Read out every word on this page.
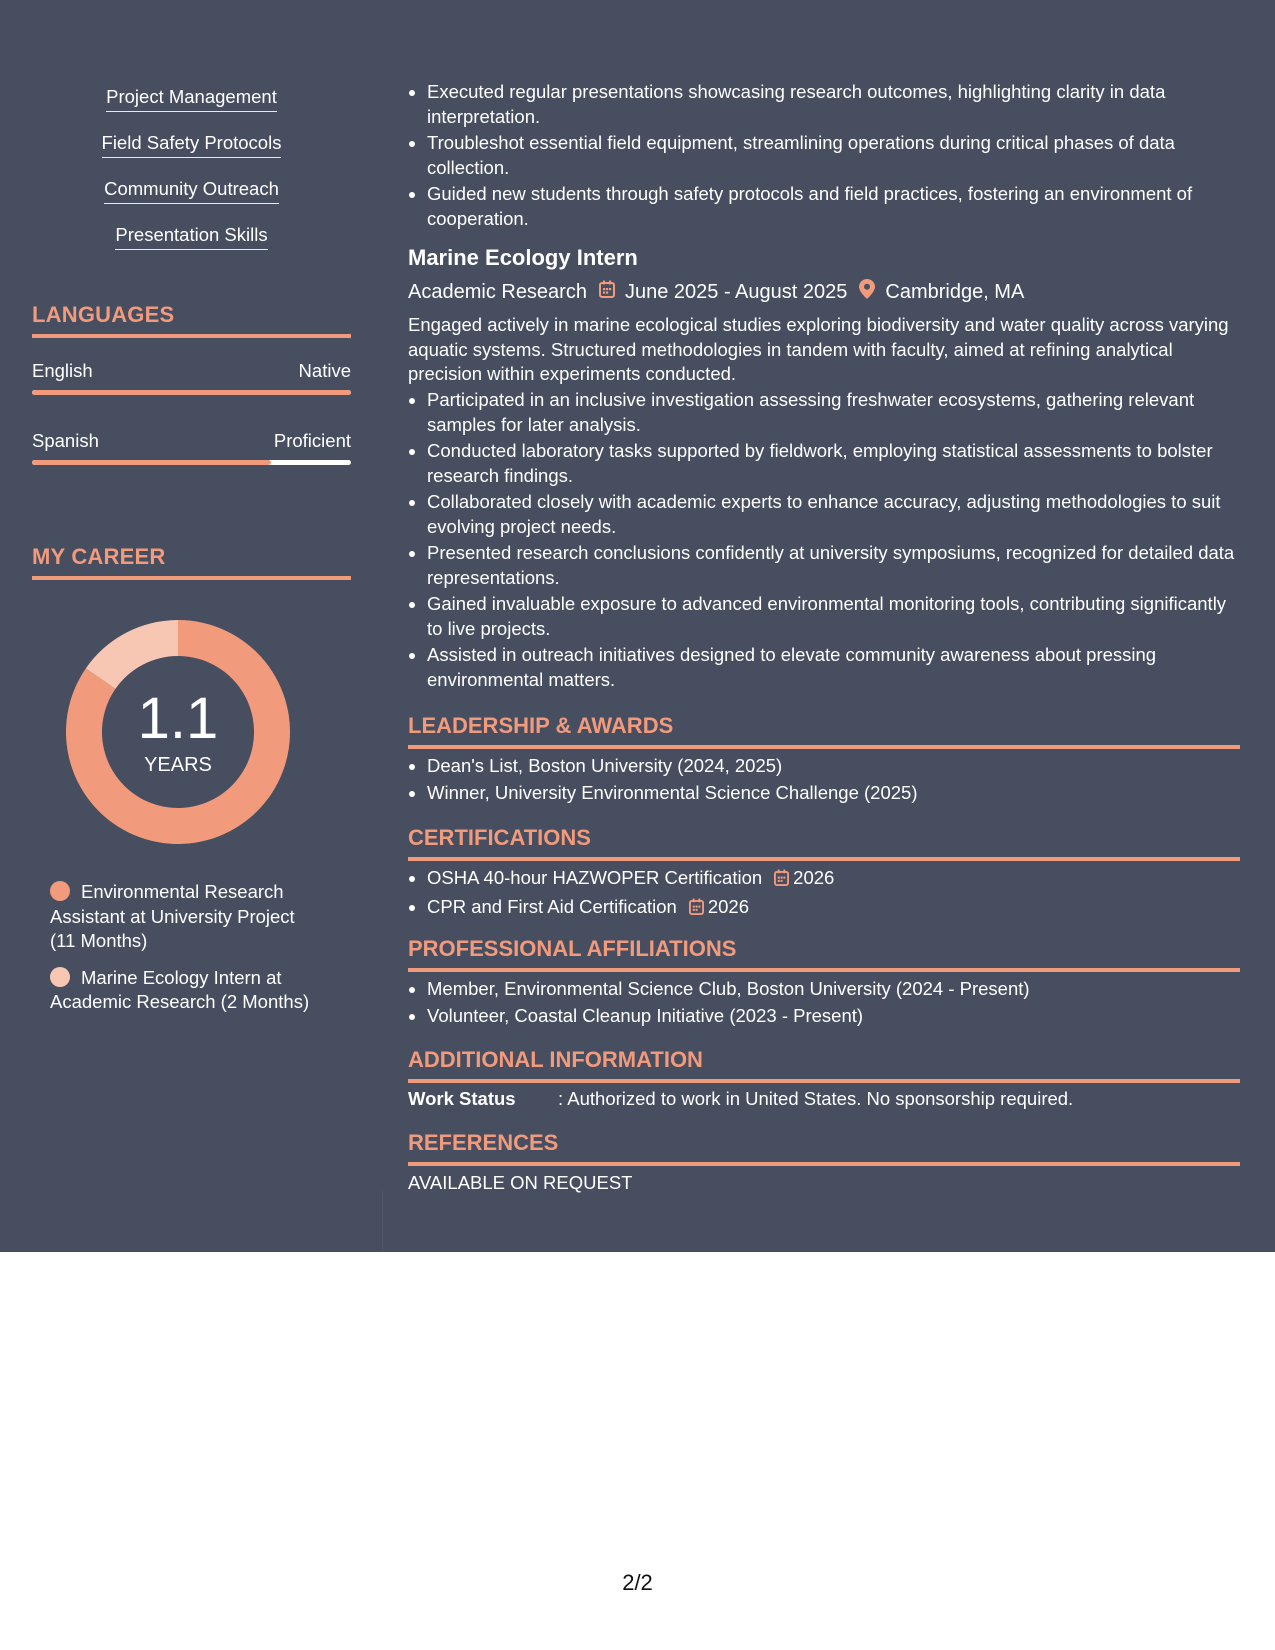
Project Management
Field Safety Protocols
Community Outreach
Presentation Skills
LANGUAGES
English	Native
Spanish	Proficient
MY CAREER
1.1
YEARS
Environmental Research Assistant at University Project (11 Months)
Marine Ecology Intern at Academic Research (2 Months)
• Executed regular presentations showcasing research outcomes, highlighting clarity in data interpretation.
• Troubleshot essential field equipment, streamlining operations during critical phases of data collection.
• Guided new students through safety protocols and field practices, fostering an environment of cooperation.
Marine Ecology Intern
Academic Research June 2025 - August 2025 Cambridge, MA
Engaged actively in marine ecological studies exploring biodiversity and water quality across varying aquatic systems. Structured methodologies in tandem with faculty, aimed at refining analytical precision within experiments conducted.
• Participated in an inclusive investigation assessing freshwater ecosystems, gathering relevant samples for later analysis.
• Conducted laboratory tasks supported by fieldwork, employing statistical assessments to bolster research findings.
• Collaborated closely with academic experts to enhance accuracy, adjusting methodologies to suit evolving project needs.
• Presented research conclusions confidently at university symposiums, recognized for detailed data representations.
• Gained invaluable exposure to advanced environmental monitoring tools, contributing significantly to live projects.
• Assisted in outreach initiatives designed to elevate community awareness about pressing environmental matters.
LEADERSHIP & AWARDS
• Dean's List, Boston University (2024, 2025)
• Winner, University Environmental Science Challenge (2025)
CERTIFICATIONS
• OSHA 40-hour HAZWOPER Certification 2026
• CPR and First Aid Certification 2026
PROFESSIONAL AFFILIATIONS
• Member, Environmental Science Club, Boston University (2024 - Present)
• Volunteer, Coastal Cleanup Initiative (2023 - Present)
ADDITIONAL INFORMATION
Work Status : Authorized to work in United States. No sponsorship required.
REFERENCES
AVAILABLE ON REQUEST
2/2
